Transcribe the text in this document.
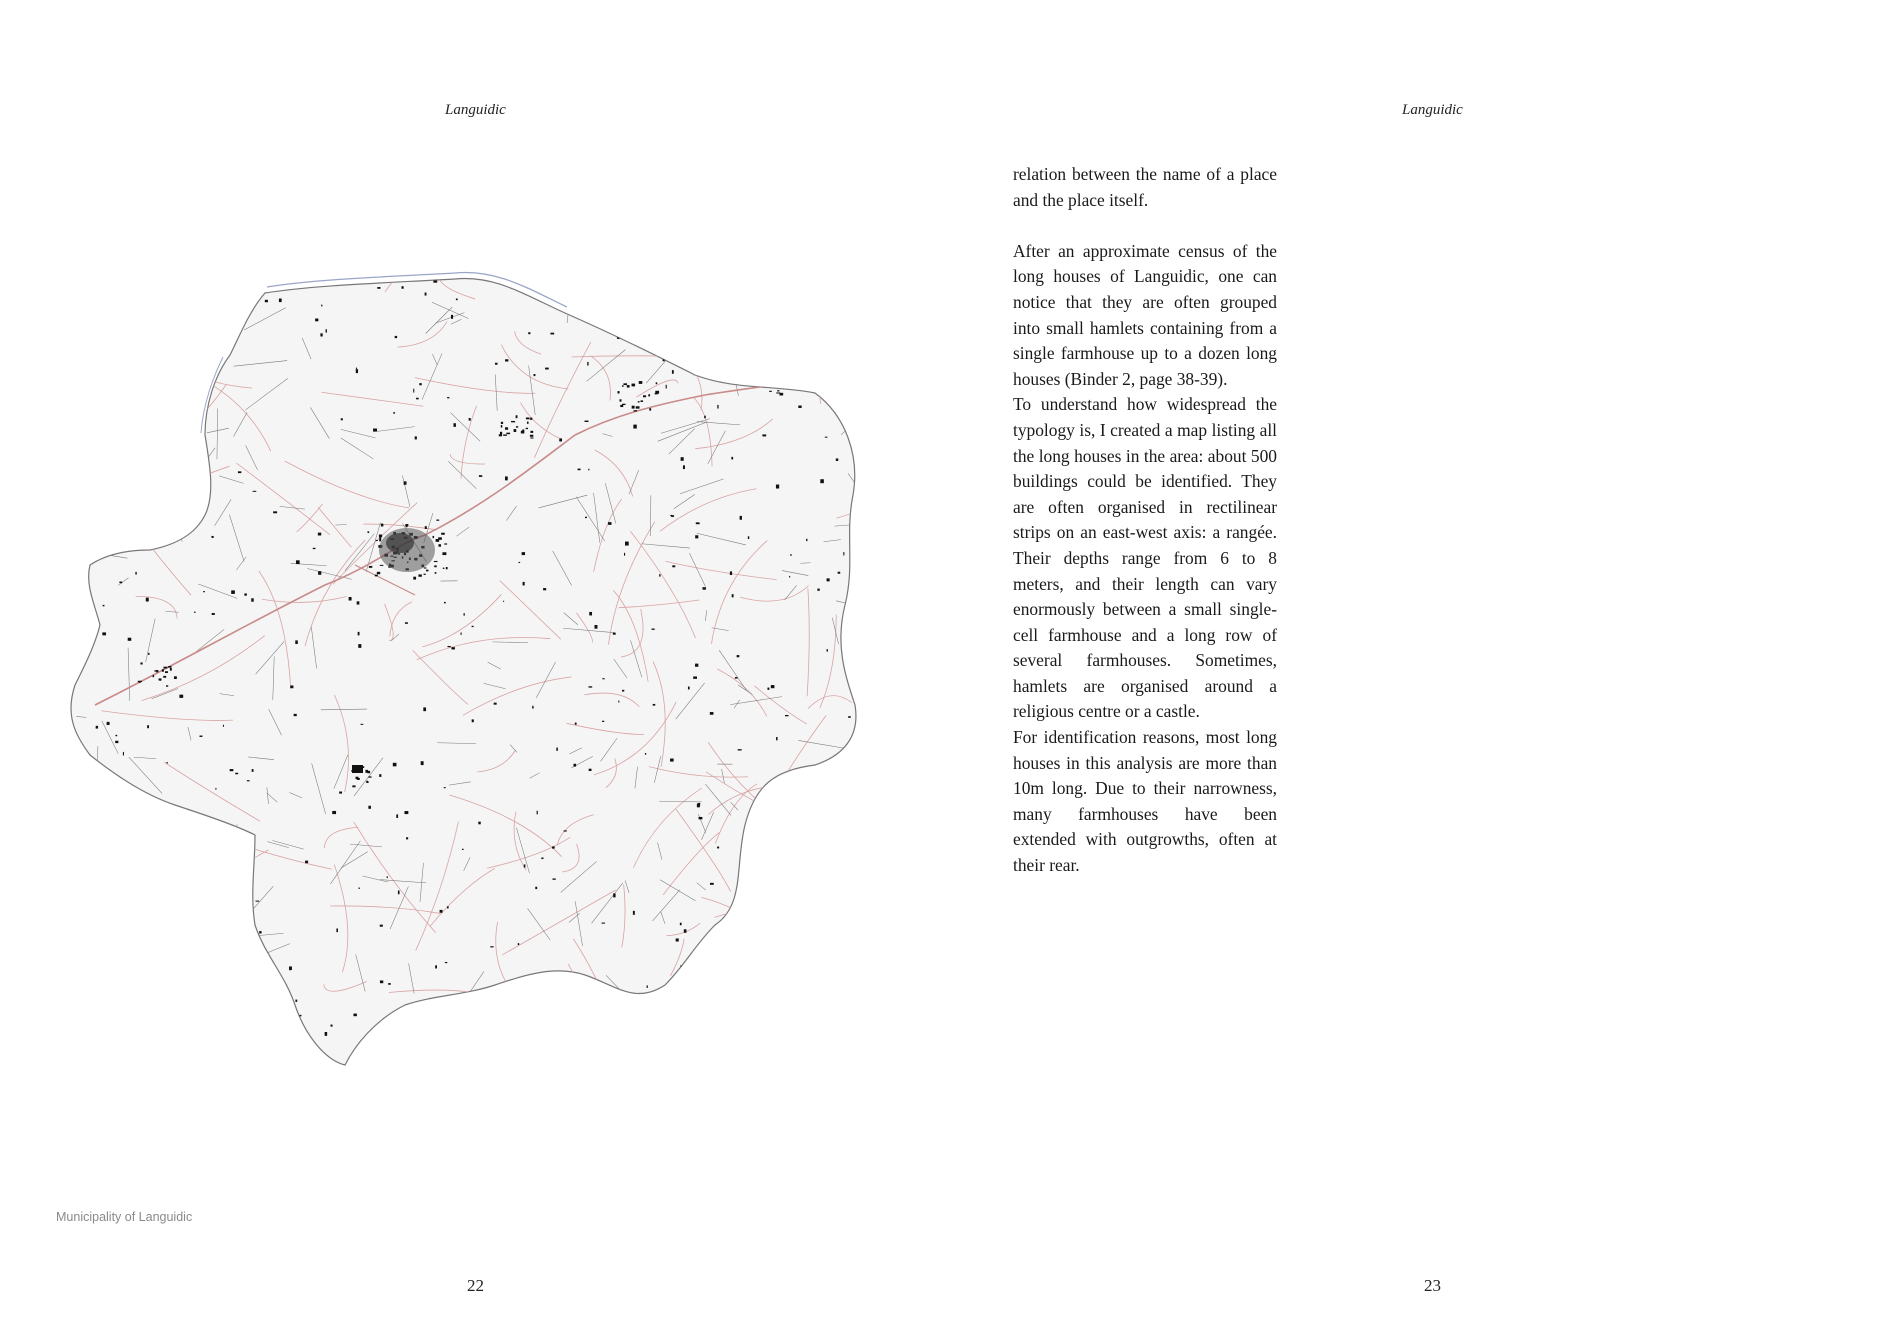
Languidic
Municipality of Languidic
22
Languidic

relation between the name of a place and the place itself.

After an approximate census of the long houses of Languidic, one can notice that they are often grouped into small hamlets containing from a single farmhouse up to a dozen long houses (Binder 2, page 38-39).

To understand how widespread the typology is, I created a map listing all the long houses in the area: about 500 buildings could be identified. They are often organised in rectilinear strips on an east-west axis: a rangée. Their depths range from 6 to 8 meters, and their length can vary enormously between a small single-cell farmhouse and a long row of several farmhouses. Sometimes, hamlets are organised around a religious centre or a castle.

For identification reasons, most long houses in this analysis are more than 10m long. Due to their narrowness, many farmhouses have been extended with outgrowths, often at their rear.

23
